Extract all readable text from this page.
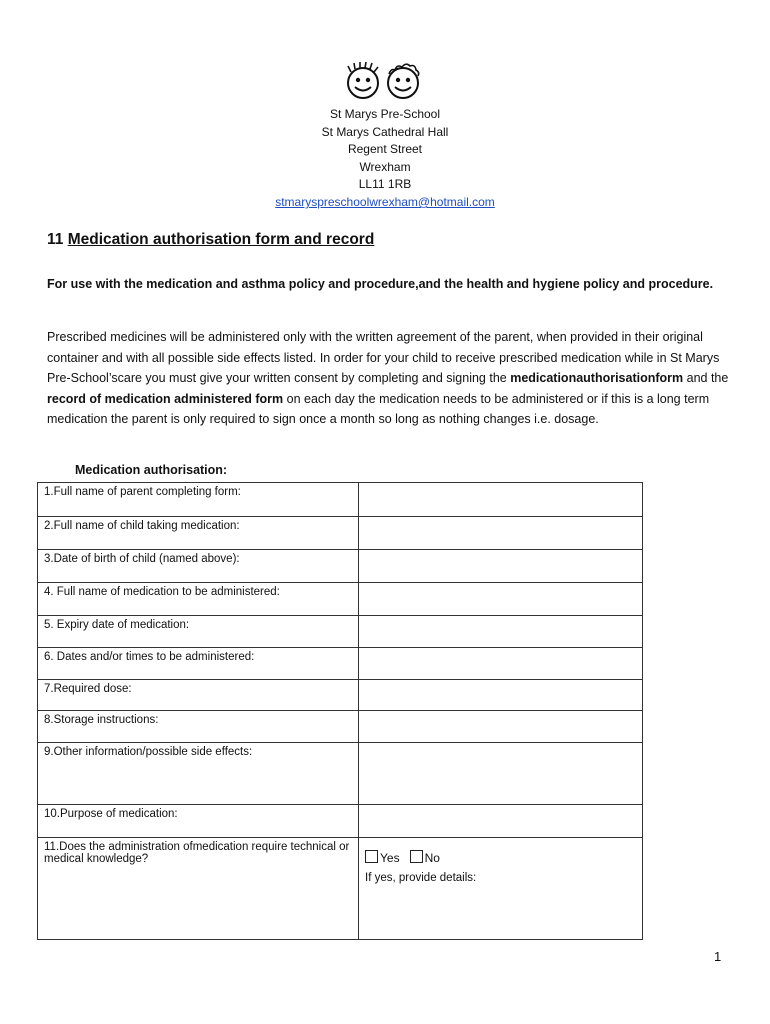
St Marys Pre-School
St Marys Cathedral Hall
Regent Street
Wrexham
LL11 1RB
stmaryspreschoolwrexham@hotmail.com
11 Medication authorisation form and record
For use with the medication and asthma policy and procedure,and the health and hygiene policy and procedure.
Prescribed medicines will be administered only with the written agreement of the parent, when provided in their original container and with all possible side effects listed. In order for your child to receive prescribed medication while in St Marys Pre-School’scare you must give your written consent by completing and signing the medicationauthorisationform and the record of medication administered form on each day the medication needs to be administered or if this is a long term medication the parent is only required to sign once a month so long as nothing changes i.e. dosage.
Medication authorisation:
1.Full name of parent completing form:	
2.Full name of child taking medication:	
3.Date of birth of child (named above):	
4. Full name of medication to be administered:	
5. Expiry date of medication:	
6. Dates and/or times to be administered:	
7.Required dose:	
8.Storage instructions:	
9.Other information/possible side effects:	
10.Purpose of medication:	
11.Does the administration ofmedication require technical or medical knowledge?	Yes No
If yes, provide details:
1
